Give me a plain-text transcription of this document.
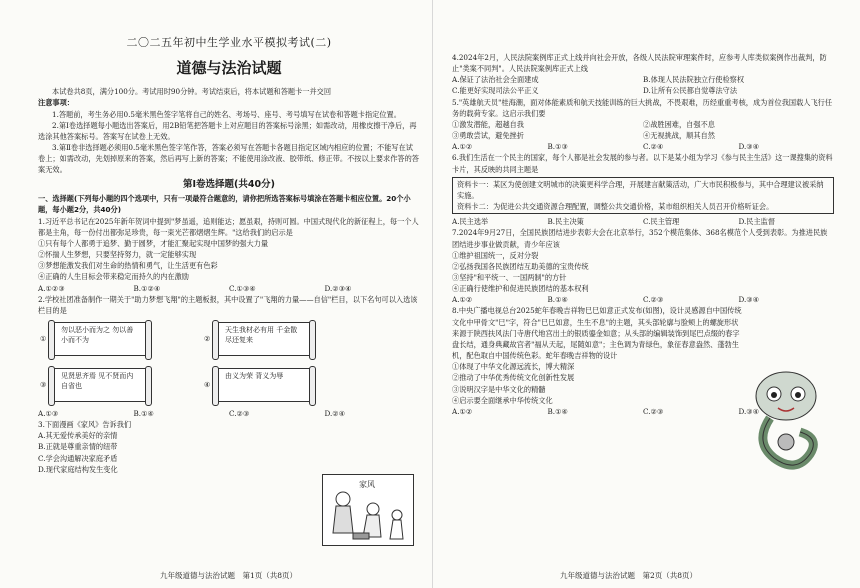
二〇二五年初中生学业水平模拟考试(二)
道德与法治试题

本试卷共8页，满分100分。考试用时90分钟。考试结束后，将本试题和答题卡一并交回

注意事项：

1.答题前，考生务必用0.5毫米黑色签字笔将自己的姓名、考场号、座号、考号填写在试卷和答题卡指定位置。

2.第Ⅰ卷选择题每小题选出答案后，用2B铅笔把答题卡上对应题目的答案标号涂黑；如需改动，用橡皮擦干净后，再选涂其他答案标号。答案写在试卷上无效。

3.第Ⅱ卷非选择题必须用0.5毫米黑色签字笔作答，答案必须写在答题卡各题目指定区域内相应的位置；不能写在试卷上；如需改动，先划掉原来的答案，然后再写上新的答案；不能使用涂改液、胶带纸、修正带。不按以上要求作答的答案无效。

第Ⅰ卷选择题(共40分)

一、选择题(下列每小题的四个选项中，只有一项最符合题意的，请你把所选答案标号填涂在答题卡相应位置。20个小题，每小题2分，共40分)

1.习近平总书记在2025年新年贺词中提到"梦虽遥，追则能达；愿虽艰，持则可圆。中国式现代化的新征程上，每一个人都是主角，每一份付出都弥足珍贵，每一束光芒都熠熠生辉。"这给我们的启示是

①只有每个人都勇于追梦、勤于圆梦，才能汇聚起实现中国梦的强大力量

②怀揣人生梦想，只要坚持努力，就一定能够实现

③梦想能激发我们对生命的热情和勇气，让生活更有色彩

④正确的人生目标会带来稳定而持久的内在激励

A.①②③	B.①②④	C.①③④	D.②③④

2.学校社团准备制作一期关于"助力梦想飞翔"的主题板报，其中设置了"飞翔的力量——自信"栏目，以下名句可以入选该栏目的是

①
勿以恶小而为之 勿以善小而不为	②
天生我材必有用 千金散尽还复来
③
见贤思齐焉 见不贤而内自省也	④
由义为荣 背义为辱
A.①③	B.①④	C.②③	D.②④

3.下面漫画《家风》告诉我们

A.其无爱传承美好的亲情

B.正就是尊重亲情的纽带

C.学会沟通解决家庭矛盾

D.现代家庭结构发生变化

家风

4.2024年2月，人民法院案例库正式上线并向社会开放，各级人民法院审理案件时，应参考人库类似案例作出裁判，防止"类案不同判"。人民法院案例库正式上线

A.保证了法治社会全面建成	B.体现人民法院独立行使检察权
C.能更好实现司法公平正义	D.让所有公民都自觉尊法守法

5."英雄航天员"桂海潮，面对体能素质和航天技能训练的巨大挑战，不畏艰难，历经重重考核，成为首位我国载人飞行任务的载荷专家。这启示我们要

①激发潜能，超越自我	②战胜困难，自强不息
③勇敢尝试，避免挫折	④无视挑战，顺其自然
A.①②	B.①③	C.②④	D.③④

6.我们生活在一个民主的国家，每个人都是社会发展的参与者。以下是某小组为学习《参与民主生活》这一课搜集的资料卡片，其反映的共同主题是

资料卡一：某区为使创建文明城市的决策更科学合理，开展建言献策活动，广大市民积极参与，其中合理建议被采纳实施。

资料卡二：为促进公共交通资源合理配置，调整公共交通价格，某市组织相关人员召开价格听证会。

A.民主选举	B.民主决策	C.民主管理	D.民主监督

7.2024年9月27日，全国民族团结进步表彰大会在北京举行，352个模范集体、368名模范个人受到表彰。为推进民族团结进步事业做贡献，青少年应该

①维护祖国统一，反对分裂

②弘扬我国各民族团结互助美德的宝贵传统

③坚持"和平统一、一国两制"的方针

④正确行使维护和促进民族团结的基本权利

A.①②	B.①④	C.②③	D.③④

8.中央广播电视总台2025蛇年春晚吉祥物巳巳如意正式发布(如图)，设计灵感源自中国传统文化中甲骨文"巳"字，符合"巳巳如意，生生不息"的主题，其头部轮廓与脸颊上的螺旋形状来源于陕西扶风法门寺唐代地宫出土的银质鎏金如意；从头部的编辑装饰到尾巴点缀的春字盘长结，通身典藏故宫者"福从天起，尾随如意"；主色调为青绿色，象征春意盎然、蓬勃生机，配色取自中国传统色彩。蛇年春晚吉祥物的设计

①体现了中华文化源远流长，博大精深

②推动了中华优秀传统文化创新性发展

③说明汉字是中华文化的精髓

④启示要全面继承中华传统文化

A.①②	B.①④	C.②③	D.③④
九年级道德与法治试题　第1页（共8页）	九年级道德与法治试题　第2页（共8页）
